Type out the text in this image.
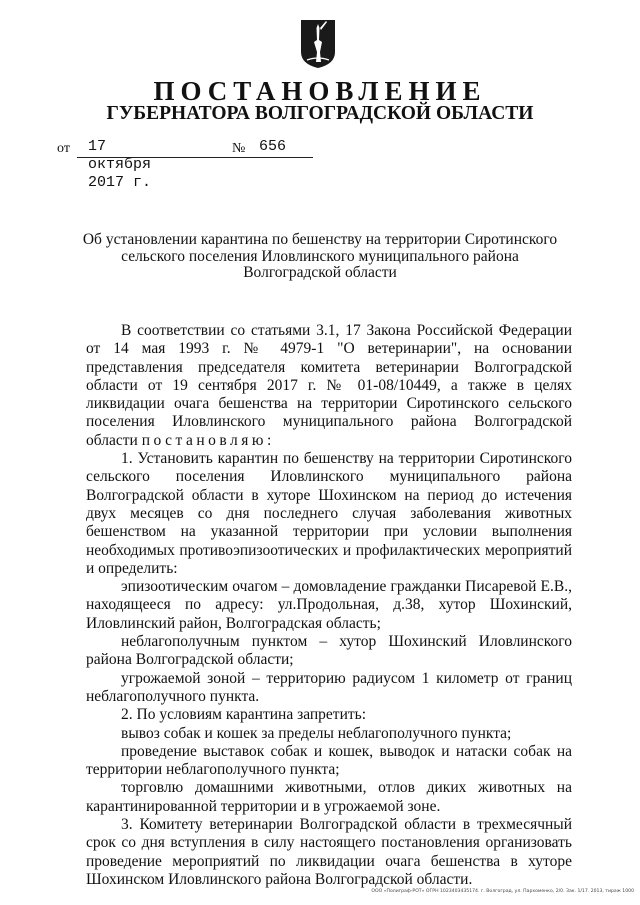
ПОСТАНОВЛЕНИЕ
ГУБЕРНАТОРА ВОЛГОГРАДСКОЙ ОБЛАСТИ
от 17 октября 2017 г.
№ 656
Об установлении карантина по бешенству на территории Сиротинского сельского поселения Иловлинского муниципального района Волгоградской области

В соответствии со статьями 3.1, 17 Закона Российской Федерации от 14 мая 1993 г. № 4979-1 "О ветеринарии", на основании представления председателя комитета ветеринарии Волгоградской области от 19 сентября 2017 г. № 01-08/10449, а также в целях ликвидации очага бешенства на территории Сиротинского сельского поселения Иловлинского муниципального района Волгоградской области постановляю:

1. Установить карантин по бешенству на территории Сиротинского сельского поселения Иловлинского муниципального района Волгоградской области в хуторе Шохинском на период до истечения двух месяцев со дня последнего случая заболевания животных бешенством на указанной территории при условии выполнения необходимых противоэпизоотических и профилактических мероприятий и определить:

эпизоотическим очагом – домовладение гражданки Писаревой Е.В., находящееся по адресу: ул.Продольная, д.38, хутор Шохинский, Иловлинский район, Волгоградская область;

неблагополучным пунктом – хутор Шохинский Иловлинского района Волгоградской области;

угрожаемой зоной – территорию радиусом 1 километр от границ неблагополучного пункта.

2. По условиям карантина запретить:

вывоз собак и кошек за пределы неблагополучного пункта;

проведение выставок собак и кошек, выводок и натаски собак на территории неблагополучного пункта;

торговлю домашними животными, отлов диких животных на карантинированной территории и в угрожаемой зоне.

3. Комитету ветеринарии Волгоградской области в трехмесячный срок со дня вступления в силу настоящего постановления организовать проведение мероприятий по ликвидации очага бешенства в хуторе Шохинском Иловлинского района Волгоградской области.

ООО «Полиграф-РОТ» ОГРН 1023403435174. г. Волгоград, ул. Пархоменко, 2/0. Зак. 1/17. 2013, тираж 1000
